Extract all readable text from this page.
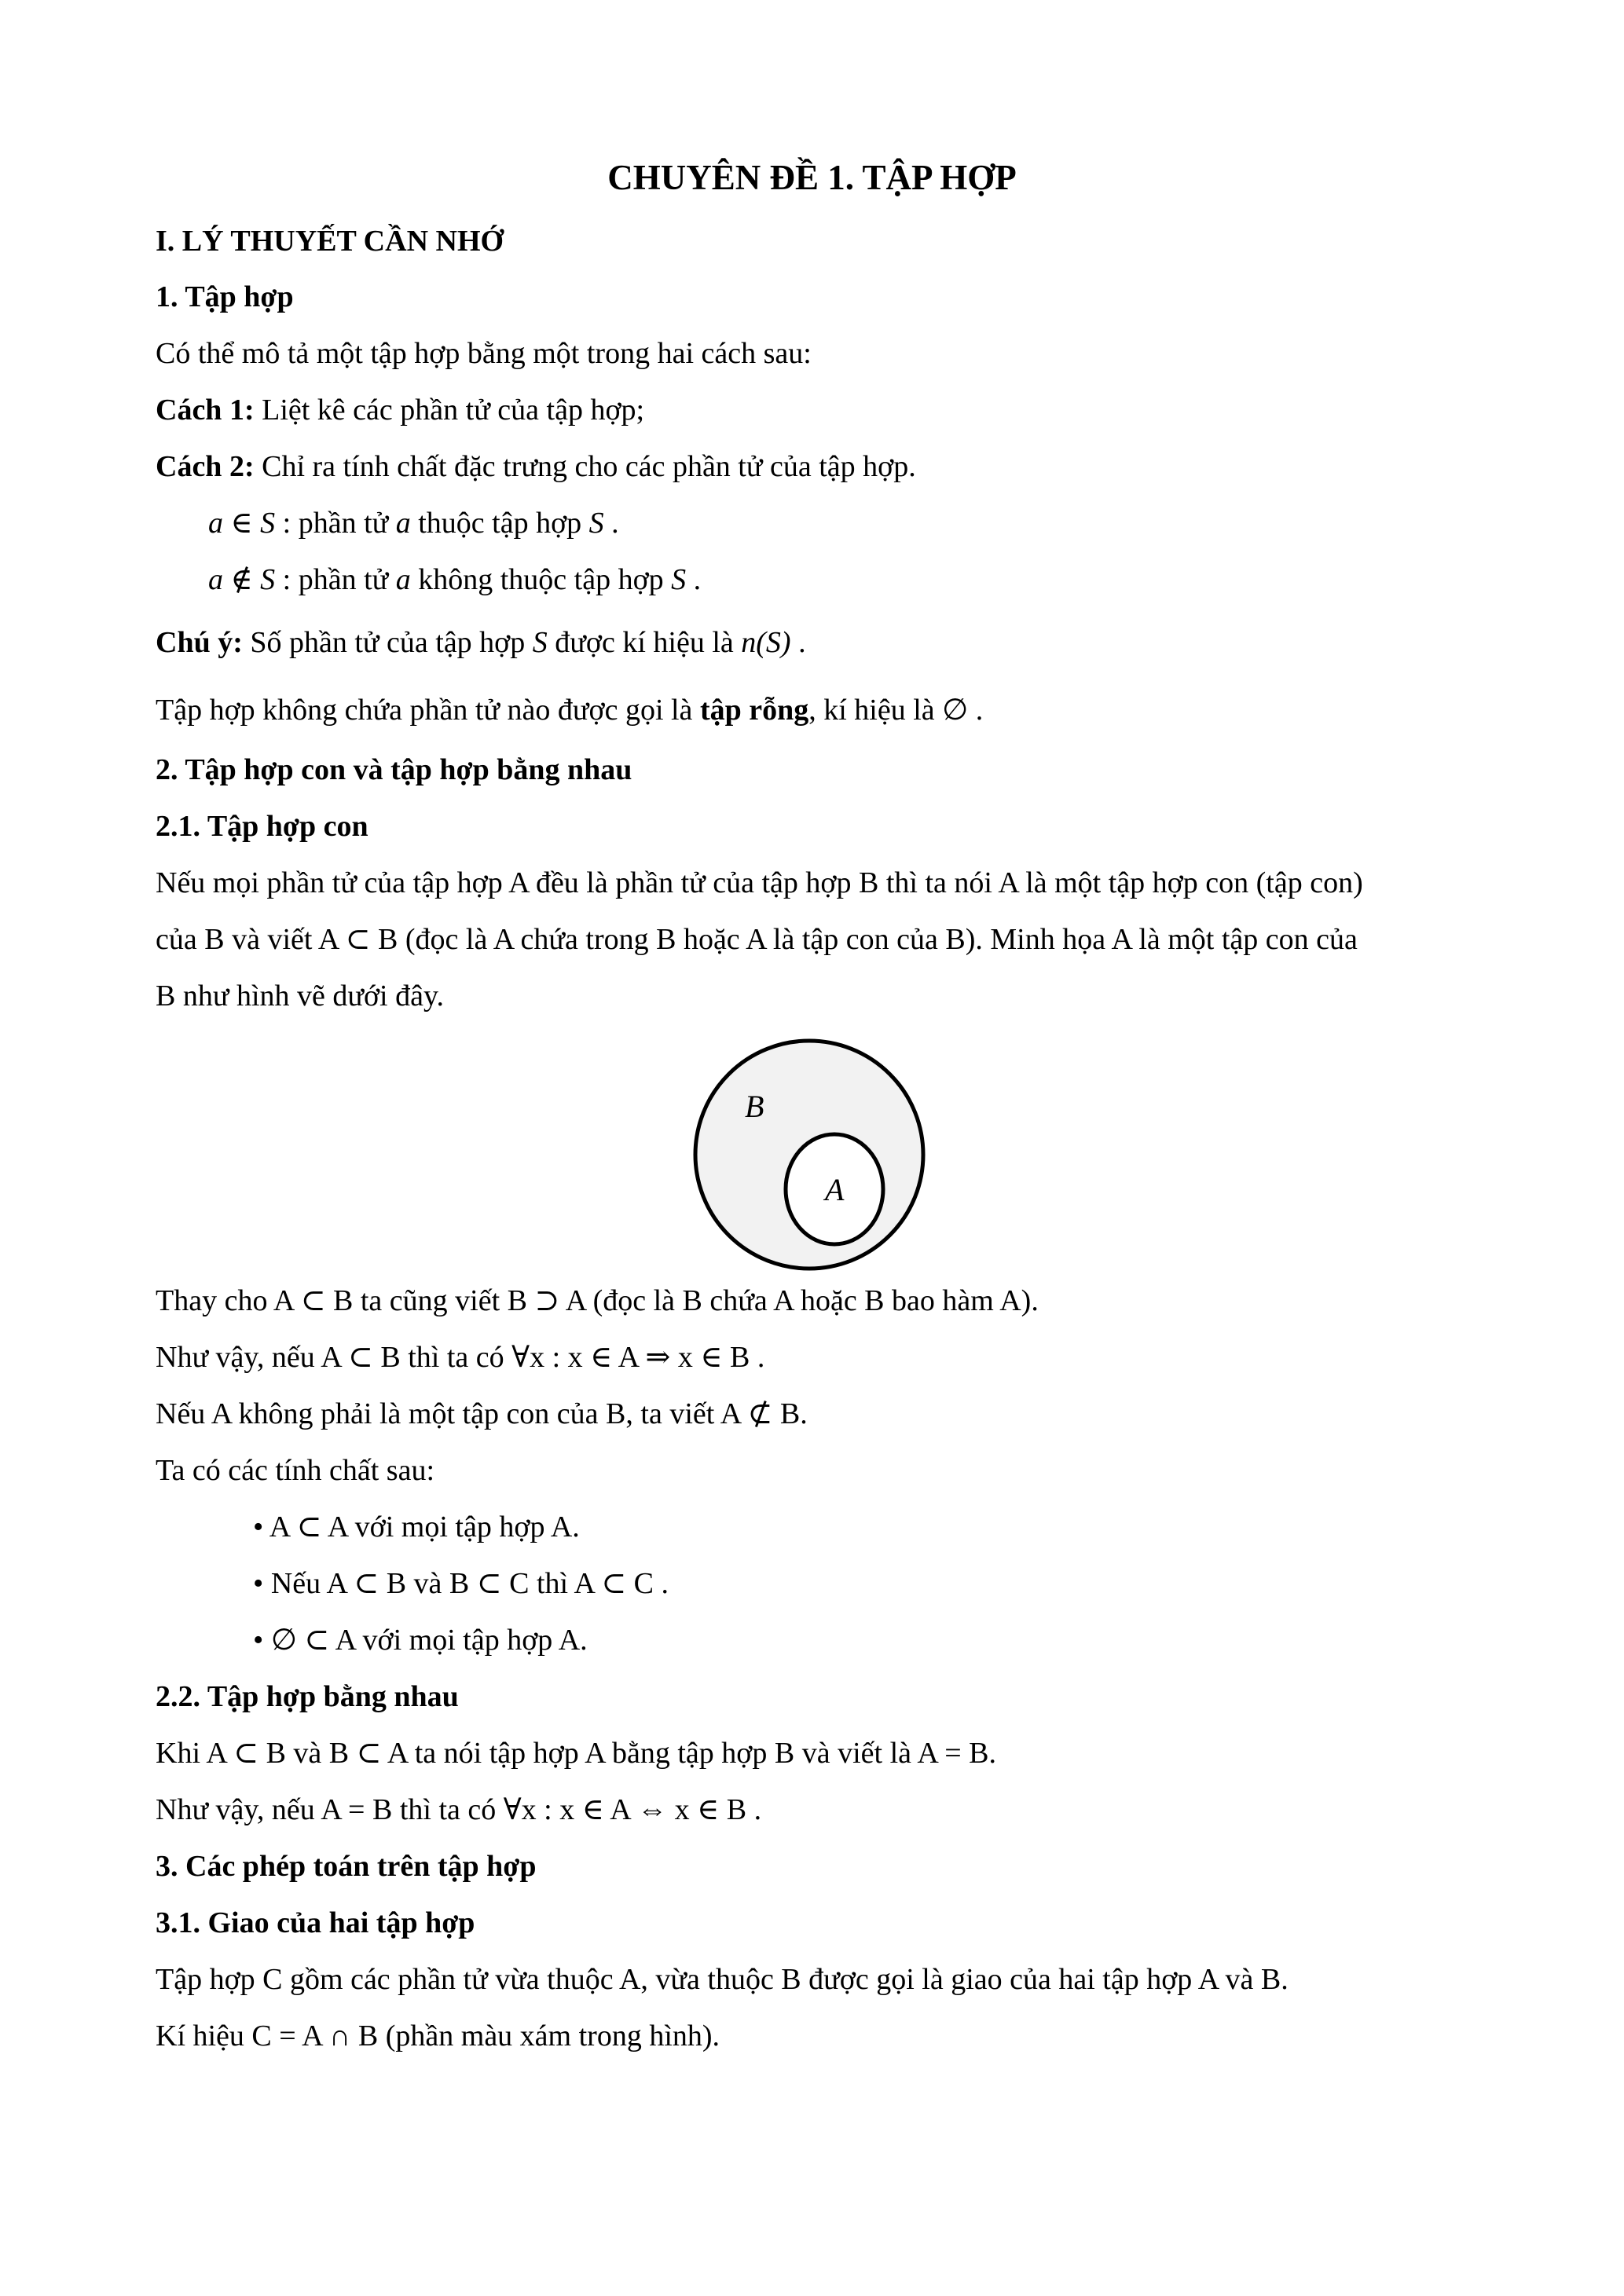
CHUYÊN ĐỀ 1. TẬP HỢP
I. LÝ THUYẾT CẦN NHỚ
1. Tập hợp
Có thể mô tả một tập hợp bằng một trong hai cách sau:
Cách 1: Liệt kê các phần tử của tập hợp;
Cách 2: Chỉ ra tính chất đặc trưng cho các phần tử của tập hợp.
a ∈ S : phần tử a thuộc tập hợp S .
a ∉ S : phần tử a không thuộc tập hợp S .
Chú ý: Số phần tử của tập hợp S được kí hiệu là n(S) .
Tập hợp không chứa phần tử nào được gọi là tập rỗng, kí hiệu là ∅ .
2. Tập hợp con và tập hợp bằng nhau
2.1. Tập hợp con
Nếu mọi phần tử của tập hợp A đều là phần tử của tập hợp B thì ta nói A là một tập hợp con (tập con)
của B và viết A ⊂ B (đọc là A chứa trong B hoặc A là tập con của B). Minh họa A là một tập con của
B như hình vẽ dưới đây.
B
A
Thay cho A ⊂ B ta cũng viết B ⊃ A (đọc là B chứa A hoặc B bao hàm A).
Như vậy, nếu A ⊂ B thì ta có ∀x : x ∈ A ⇒ x ∈ B .
Nếu A không phải là một tập con của B, ta viết A ⊄ B.
Ta có các tính chất sau:
• A ⊂ A với mọi tập hợp A.
• Nếu A ⊂ B và B ⊂ C thì A ⊂ C .
• ∅ ⊂ A với mọi tập hợp A.
2.2. Tập hợp bằng nhau
Khi A ⊂ B và B ⊂ A ta nói tập hợp A bằng tập hợp B và viết là A = B.
Như vậy, nếu A = B thì ta có ∀x : x ∈ A ⇔ x ∈ B .
3. Các phép toán trên tập hợp
3.1. Giao của hai tập hợp
Tập hợp C gồm các phần tử vừa thuộc A, vừa thuộc B được gọi là giao của hai tập hợp A và B.
Kí hiệu C = A ∩ B (phần màu xám trong hình).
